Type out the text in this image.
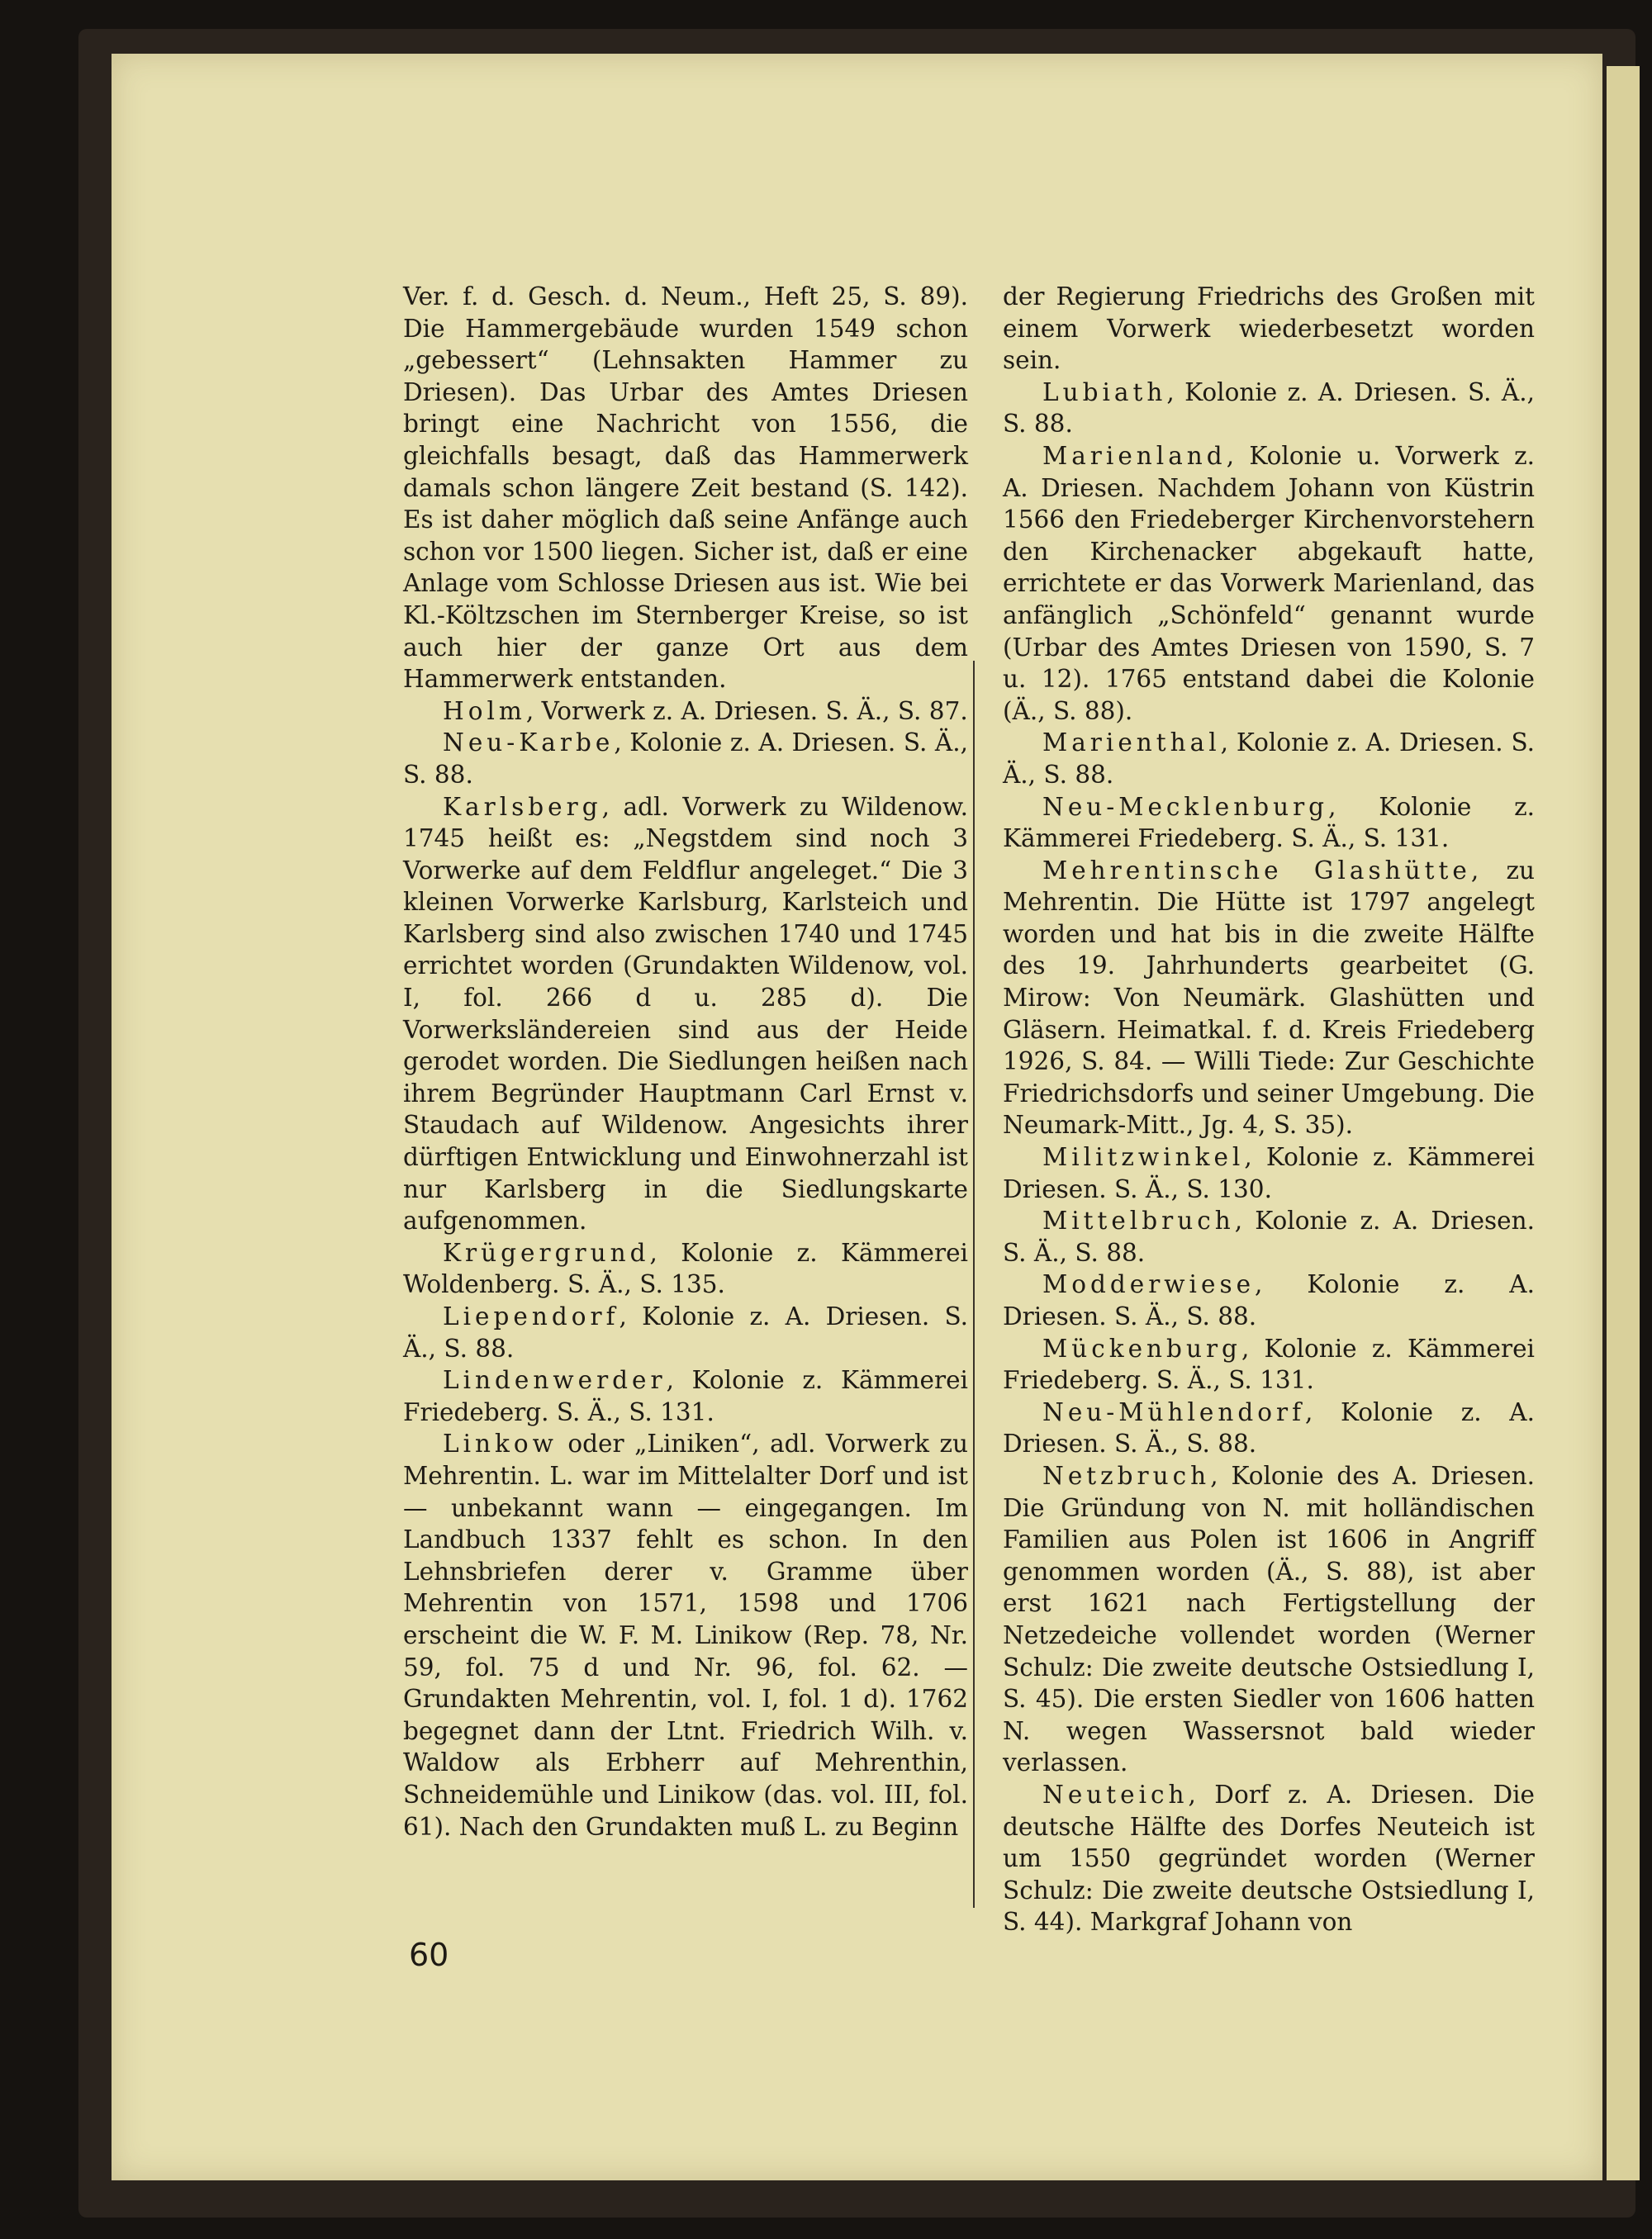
Ver. f. d. Gesch. d. Neum., Heft 25, S. 89). Die Hammergebäude wurden 1549 schon „gebessert“ (Lehnsakten Hammer zu Driesen). Das Urbar des Amtes Driesen bringt eine Nachricht von 1556, die gleichfalls besagt, daß das Hammerwerk damals schon längere Zeit bestand (S. 142). Es ist daher möglich daß seine Anfänge auch schon vor 1500 liegen. Sicher ist, daß er eine Anlage vom Schlosse Driesen aus ist. Wie bei Kl.-Költzschen im Sternberger Kreise, so ist auch hier der ganze Ort aus dem Hammerwerk entstanden.

Holm, Vorwerk z. A. Driesen. S. Ä., S. 87.

Neu-Karbe, Kolonie z. A. Driesen. S. Ä., S. 88.

Karlsberg, adl. Vorwerk zu Wildenow. 1745 heißt es: „Negstdem sind noch 3 Vorwerke auf dem Feldflur angeleget.“ Die 3 kleinen Vorwerke Karlsburg, Karlsteich und Karlsberg sind also zwischen 1740 und 1745 errichtet worden (Grundakten Wildenow, vol. I, fol. 266 d u. 285 d). Die Vorwerksländereien sind aus der Heide gerodet worden. Die Siedlungen heißen nach ihrem Begründer Hauptmann Carl Ernst v. Staudach auf Wildenow. Angesichts ihrer dürftigen Entwicklung und Einwohnerzahl ist nur Karlsberg in die Siedlungskarte aufgenommen.

Krügergrund, Kolonie z. Kämmerei Woldenberg. S. Ä., S. 135.

Liependorf, Kolonie z. A. Driesen. S. Ä., S. 88.

Lindenwerder, Kolonie z. Kämmerei Friedeberg. S. Ä., S. 131.

Linkow oder „Liniken“, adl. Vorwerk zu Mehrentin. L. war im Mittelalter Dorf und ist — unbekannt wann — eingegangen. Im Landbuch 1337 fehlt es schon. In den Lehnsbriefen derer v. Gramme über Mehrentin von 1571, 1598 und 1706 erscheint die W. F. M. Linikow (Rep. 78, Nr. 59, fol. 75 d und Nr. 96, fol. 62. — Grundakten Mehrentin, vol. I, fol. 1 d). 1762 begegnet dann der Ltnt. Friedrich Wilh. v. Waldow als Erbherr auf Mehrenthin, Schneidemühle und Linikow (das. vol. III, fol. 61). Nach den Grundakten muß L. zu Beginn

der Regierung Friedrichs des Großen mit einem Vorwerk wiederbesetzt worden sein.

Lubiath, Kolonie z. A. Driesen. S. Ä., S. 88.

Marienland, Kolonie u. Vorwerk z. A. Driesen. Nachdem Johann von Küstrin 1566 den Friedeberger Kirchenvorstehern den Kirchenacker abgekauft hatte, errichtete er das Vorwerk Marienland, das anfänglich „Schönfeld“ genannt wurde (Urbar des Amtes Driesen von 1590, S. 7 u. 12). 1765 entstand dabei die Kolonie (Ä., S. 88).

Marienthal, Kolonie z. A. Driesen. S. Ä., S. 88.

Neu-Mecklenburg, Kolonie z. Kämmerei Friedeberg. S. Ä., S. 131.

Mehrentinsche Glashütte, zu Mehrentin. Die Hütte ist 1797 angelegt worden und hat bis in die zweite Hälfte des 19. Jahrhunderts gearbeitet (G. Mirow: Von Neumärk. Glashütten und Gläsern. Heimatkal. f. d. Kreis Friedeberg 1926, S. 84. — Willi Tiede: Zur Geschichte Friedrichsdorfs und seiner Umgebung. Die Neumark-Mitt., Jg. 4, S. 35).

Militzwinkel, Kolonie z. Kämmerei Driesen. S. Ä., S. 130.

Mittelbruch, Kolonie z. A. Driesen. S. Ä., S. 88.

Modderwiese, Kolonie z. A. Driesen. S. Ä., S. 88.

Mückenburg, Kolonie z. Kämmerei Friedeberg. S. Ä., S. 131.

Neu-Mühlendorf, Kolonie z. A. Driesen. S. Ä., S. 88.

Netzbruch, Kolonie des A. Driesen. Die Gründung von N. mit holländischen Familien aus Polen ist 1606 in Angriff genommen worden (Ä., S. 88), ist aber erst 1621 nach Fertigstellung der Netzedeiche vollendet worden (Werner Schulz: Die zweite deutsche Ostsiedlung I, S. 45). Die ersten Siedler von 1606 hatten N. wegen Wassersnot bald wieder verlassen.

Neuteich, Dorf z. A. Driesen. Die deutsche Hälfte des Dorfes Neuteich ist um 1550 gegründet worden (Werner Schulz: Die zweite deutsche Ostsiedlung I, S. 44). Markgraf Johann von

60
